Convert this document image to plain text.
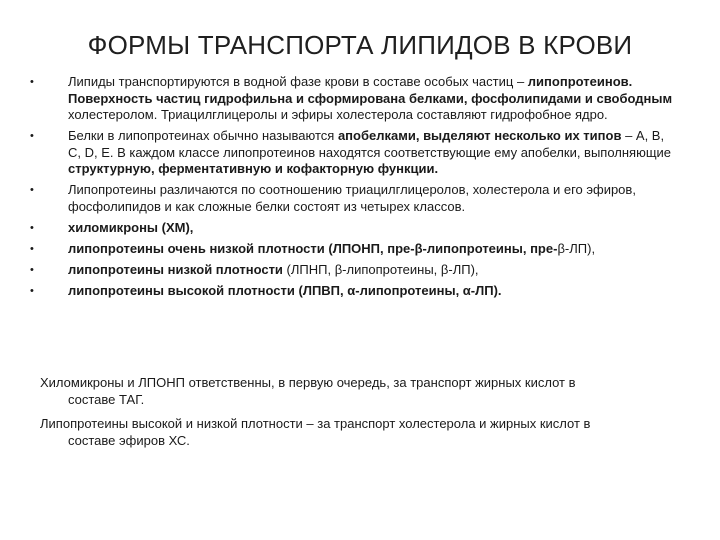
ФОРМЫ ТРАНСПОРТА ЛИПИДОВ В КРОВИ
•	Липиды транспортируются в водной фазе крови в составе особых частиц – липопротеинов. Поверхность частиц гидрофильна и сформирована белками, фосфолипидами и свободным холестеролом. Триацилглицеролы и эфиры холестерола составляют гидрофобное ядро.
•	Белки в липопротеинах обычно называются апобелками, выделяют несколько их типов – А, В, С, D, Е. В каждом классе липопротеинов находятся соответствующие ему апобелки, выполняющие структурную, ферментативную и кофакторную функции.
•	Липопротеины различаются по соотношению триацилглицеролов, холестерола и его эфиров, фосфолипидов и как сложные белки состоят из четырех классов.
•	хиломикроны (ХМ),
•	липопротеины очень низкой плотности (ЛПОНП, пре-β-липопротеины, пре-β-ЛП),
•	липопротеины низкой плотности (ЛПНП, β-липопротеины, β-ЛП),
•	липопротеины высокой плотности (ЛПВП, α-липопротеины, α-ЛП).
Хиломикроны и ЛПОНП ответственны, в первую очередь, за транспорт жирных кислот в
составе ТАГ.
Липопротеины высокой и низкой плотности – за транспорт холестерола и жирных кислот в
составе эфиров ХС.
